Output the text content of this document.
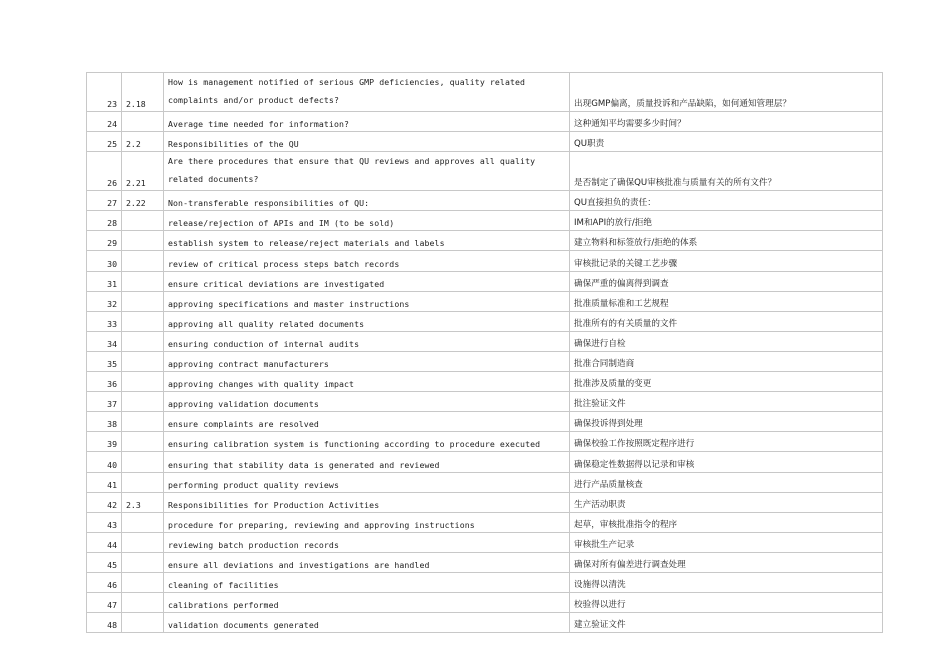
23	2.18	How is management notified of serious GMP deficiencies, quality related complaints and/or product defects?	出现GMP偏离，质量投诉和产品缺陷，如何通知管理层？
24		Average time needed for information?	这种通知平均需要多少时间？
25	2.2	Responsibilities of the QU	QU职责
26	2.21	Are there procedures that ensure that QU reviews and approves all quality related documents?	是否制定了确保QU审核批准与质量有关的所有文件？
27	2.22	Non-transferable responsibilities of QU:	QU直接担负的责任：
28		release/rejection of APIs and IM (to be sold)	IM和API的放行/拒绝
29		establish system to release/reject materials and labels	建立物料和标签放行/拒绝的体系
30		review of critical process steps batch records	审核批记录的关键工艺步骤
31		ensure critical deviations are investigated	确保严重的偏离得到调查
32		approving specifications and master instructions	批准质量标准和工艺规程
33		approving all quality related documents	批准所有的有关质量的文件
34		ensuring conduction of internal audits	确保进行自检
35		approving contract manufacturers	批准合同制造商
36		approving changes with quality impact	批准涉及质量的变更
37		approving validation documents	批注验证文件
38		ensure complaints are resolved	确保投诉得到处理
39		ensuring calibration system is functioning according to procedure executed	确保校验工作按照既定程序进行
40		ensuring that stability data is generated and reviewed	确保稳定性数据得以记录和审核
41		performing product quality reviews	进行产品质量核查
42	2.3	Responsibilities for Production Activities	生产活动职责
43		procedure for preparing, reviewing and approving instructions	起草，审核批准指令的程序
44		reviewing batch production records	审核批生产记录
45		ensure all deviations and investigations are handled	确保对所有偏差进行调查处理
46		cleaning of facilities	设施得以清洗
47		calibrations performed	校验得以进行
48		validation documents generated	建立验证文件
